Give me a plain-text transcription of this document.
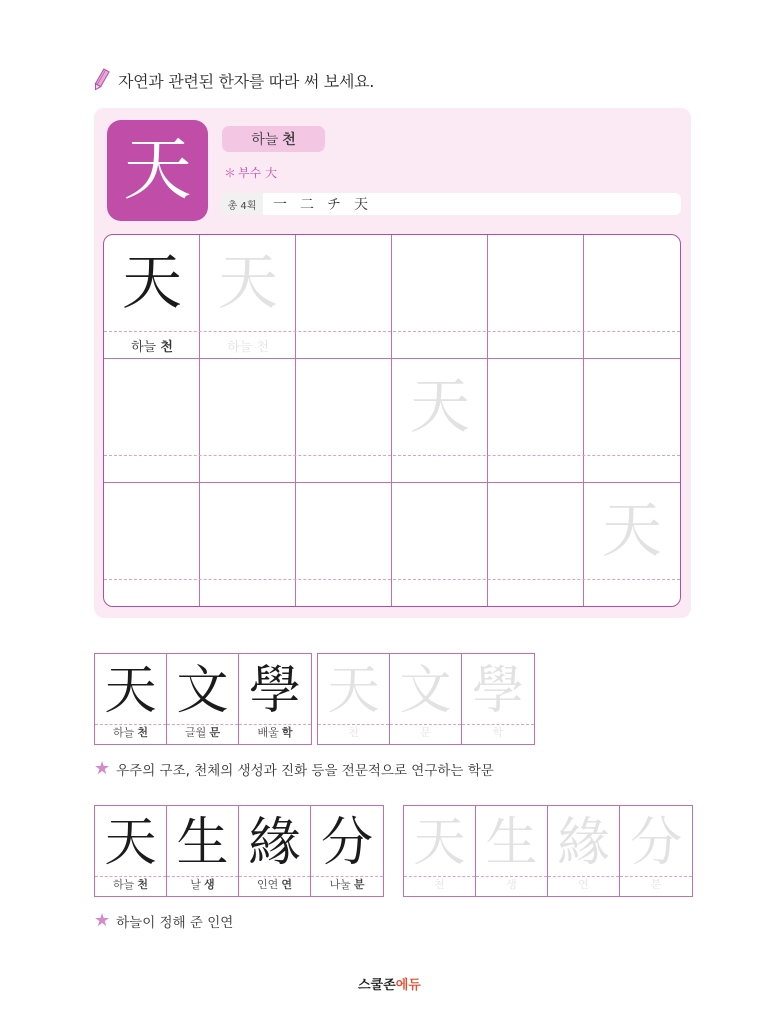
자연과 관련된 한자를 따라 써 보세요.
天	하늘 천
＊ 부수 大
총 4획	一 二 チ 天
天
하늘 천
天
하늘 천
天
天
天
하늘 천
文
글월 문
學
배울 학
天
천
文
문
學
학
★ 우주의 구조, 천체의 생성과 진화 등을 전문적으로 연구하는 학문
天
하늘 천
生
날 생
緣
인연 연
分
나눌 분
天
천
生
생
緣
연
分
분
★ 하늘이 정해 준 인연
스쿨존 에듀
